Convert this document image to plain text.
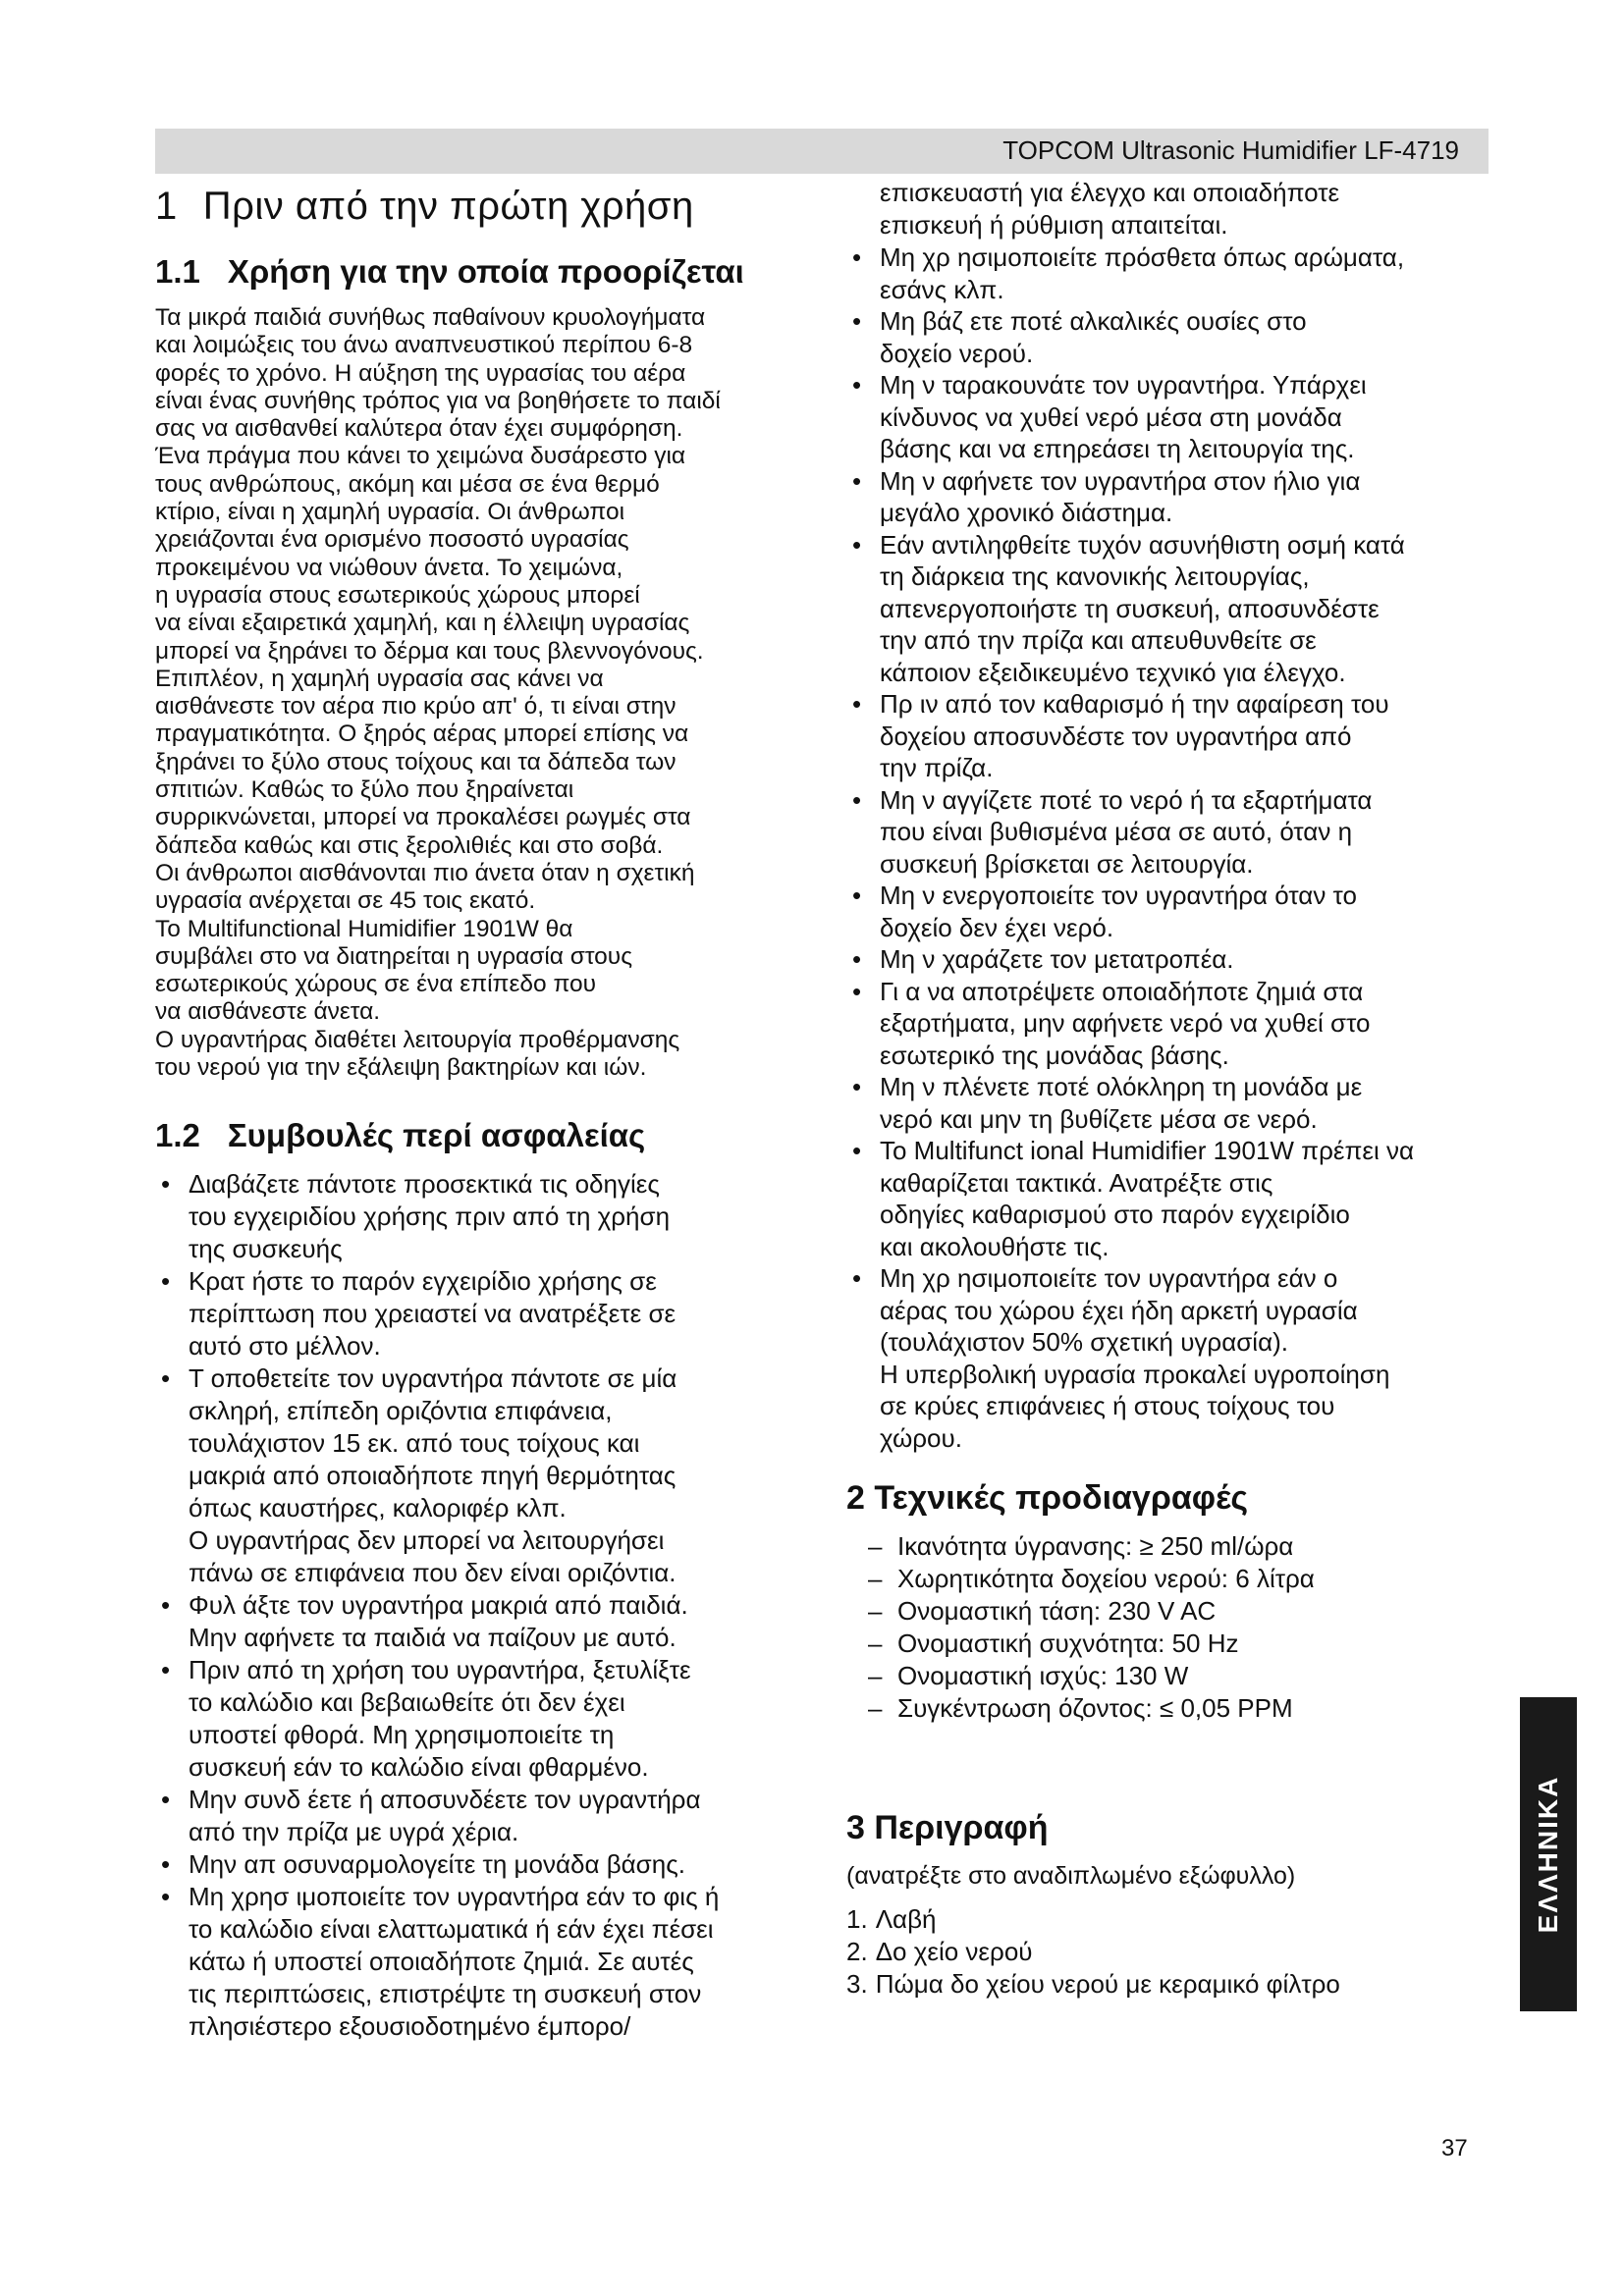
TOPCOM Ultrasonic Humidifier LF-4719
1 Πριν από την πρώτη χρήση
1.1 Χρήση για την οποία προορίζεται

Τα μικρά παιδιά συνήθως παθαίνουν κρυολογήματα

και λοιμώξεις του άνω αναπνευστικού περίπου 6-8

φορές το χρόνο. Η αύξηση της υγρασίας του αέρα

είναι ένας συνήθης τρόπος για να βοηθήσετε το παιδί

σας να αισθανθεί καλύτερα όταν έχει συμφόρηση.

Ένα πράγμα που κάνει το χειμώνα δυσάρεστο για

τους ανθρώπους, ακόμη και μέσα σε ένα θερμό

κτίριο, είναι η χαμηλή υγρασία. Οι άνθρωποι

χρειάζονται ένα ορισμένο ποσοστό υγρασίας

προκειμένου να νιώθουν άνετα. Το χειμώνα,

η υγρασία στους εσωτερικούς χώρους μπορεί

να είναι εξαιρετικά χαμηλή, και η έλλειψη υγρασίας

μπορεί να ξηράνει το δέρμα και τους βλεννογόνους.

Επιπλέον, η χαμηλή υγρασία σας κάνει να

αισθάνεστε τον αέρα πιο κρύο απ' ό, τι είναι στην

πραγματικότητα. Ο ξηρός αέρας μπορεί επίσης να

ξηράνει το ξύλο στους τοίχους και τα δάπεδα των

σπιτιών. Καθώς το ξύλο που ξηραίνεται

συρρικνώνεται, μπορεί να προκαλέσει ρωγμές στα

δάπεδα καθώς και στις ξερολιθιές και στο σοβά.

Οι άνθρωποι αισθάνονται πιο άνετα όταν η σχετική

υγρασία ανέρχεται σε 45 τοις εκατό.

Το Multifunctional Humidifier 1901W θα

συμβάλει στο να διατηρείται η υγρασία στους

εσωτερικούς χώρους σε ένα επίπεδο που

να αισθάνεστε άνετα.

Ο υγραντήρας διαθέτει λειτουργία προθέρμανσης

του νερού για την εξάλειψη βακτηρίων και ιών.

1.2 Συμβουλές περί ασφαλείας
• Διαβάζετε πάντοτε προσεκτικά τις οδηγίες
του εγχειριδίου χρήσης πριν από τη χρήση
της συσκευής
• Κρατ ήστε το παρόν εγχειρίδιο χρήσης σε
περίπτωση που χρειαστεί να ανατρέξετε σε
αυτό στο μέλλον.
• Τ οποθετείτε τον υγραντήρα πάντοτε σε μία
σκληρή, επίπεδη οριζόντια επιφάνεια,
τουλάχιστον 15 εκ. από τους τοίχους και
μακριά από οποιαδήποτε πηγή θερμότητας
όπως καυστήρες, καλοριφέρ κλπ.
Ο υγραντήρας δεν μπορεί να λειτουργήσει
πάνω σε επιφάνεια που δεν είναι οριζόντια.
• Φυλ άξτε τον υγραντήρα μακριά από παιδιά.
Μην αφήνετε τα παιδιά να παίζουν με αυτό.
• Πριν από τη χρήση του υγραντήρα, ξετυλίξτε
το καλώδιο και βεβαιωθείτε ότι δεν έχει
υποστεί φθορά. Μη χρησιμοποιείτε τη
συσκευή εάν το καλώδιο είναι φθαρμένο.
• Μην συνδ έετε ή αποσυνδέετε τον υγραντήρα
από την πρίζα με υγρά χέρια.
• Μην απ οσυναρμολογείτε τη μονάδα βάσης.
• Μη χρησ ιμοποιείτε τον υγραντήρα εάν το φις ή
το καλώδιο είναι ελαττωματικά ή εάν έχει πέσει
κάτω ή υποστεί οποιαδήποτε ζημιά. Σε αυτές
τις περιπτώσεις, επιστρέψτε τη συσκευή στον
πλησιέστερο εξουσιοδοτημένο έμπορο/
επισκευαστή για έλεγχο και οποιαδήποτε
επισκευή ή ρύθμιση απαιτείται.
• Μη χρ ησιμοποιείτε πρόσθετα όπως αρώματα,
εσάνς κλπ.
• Μη βάζ ετε ποτέ αλκαλικές ουσίες στο
δοχείο νερού.
• Μη ν ταρακουνάτε τον υγραντήρα. Υπάρχει
κίνδυνος να χυθεί νερό μέσα στη μονάδα
βάσης και να επηρεάσει τη λειτουργία της.
• Μη ν αφήνετε τον υγραντήρα στον ήλιο για
μεγάλο χρονικό διάστημα.
• Εάν αντιληφθείτε τυχόν ασυνήθιστη οσμή κατά
τη διάρκεια της κανονικής λειτουργίας,
απενεργοποιήστε τη συσκευή, αποσυνδέστε
την από την πρίζα και απευθυνθείτε σε
κάποιον εξειδικευμένο τεχνικό για έλεγχο.
• Πρ ιν από τον καθαρισμό ή την αφαίρεση του
δοχείου αποσυνδέστε τον υγραντήρα από
την πρίζα.
• Μη ν αγγίζετε ποτέ το νερό ή τα εξαρτήματα
που είναι βυθισμένα μέσα σε αυτό, όταν η
συσκευή βρίσκεται σε λειτουργία.
• Μη ν ενεργοποιείτε τον υγραντήρα όταν το
δοχείο δεν έχει νερό.
• Μη ν χαράζετε τον μετατροπέα.
• Γι α να αποτρέψετε οποιαδήποτε ζημιά στα
εξαρτήματα, μην αφήνετε νερό να χυθεί στο
εσωτερικό της μονάδας βάσης.
• Μη ν πλένετε ποτέ ολόκληρη τη μονάδα με
νερό και μην τη βυθίζετε μέσα σε νερό.
• To Multifunct ional Humidifier 1901W πρέπει να
καθαρίζεται τακτικά. Ανατρέξτε στις
οδηγίες καθαρισμού στο παρόν εγχειρίδιο
και ακολουθήστε τις.
• Μη χρ ησιμοποιείτε τον υγραντήρα εάν ο
αέρας του χώρου έχει ήδη αρκετή υγρασία
(τουλάχιστον 50% σχετική υγρασία).
Η υπερβολική υγρασία προκαλεί υγροποίηση
σε κρύες επιφάνειες ή στους τοίχους του
χώρου.
2 Τεχνικές προδιαγραφές
– Ικανότητα ύγρανσης: ≥ 250 ml/ώρα
– Χωρητικότητα δοχείου νερού: 6 λίτρα
– Ονομαστική τάση: 230 V AC
– Ονομαστική συχνότητα: 50 Hz
– Ονομαστική ισχύς: 130 W
– Συγκέντρωση όζοντος: ≤ 0,05 PPM
3 Περιγραφή

(ανατρέξτε στο αναδιπλωμένο εξώφυλλο)

1. Λαβή
2. Δο χείο νερού
3. Πώμα δο χείου νερού με κεραμικό φίλτρο
ΕΛΛΗΝΙΚΑ
37
